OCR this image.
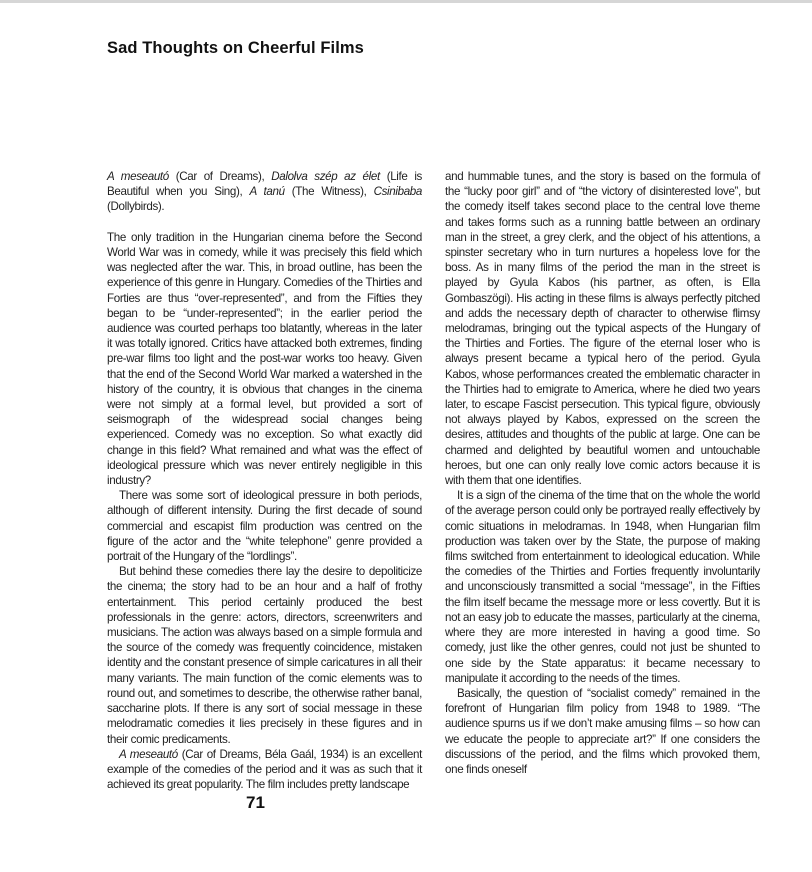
Sad Thoughts on Cheerful Films

A meseautó (Car of Dreams), Dalolva szép az élet (Life is Beautiful when you Sing), A tanú (The Witness), Csinibaba (Dollybirds).

The only tradition in the Hungarian cinema before the Second World War was in comedy, while it was precisely this field which was neglected after the war. This, in broad outline, has been the experience of this genre in Hungary. Comedies of the Thirties and Forties are thus “over-represented”, and from the Fifties they began to be “under-represented”; in the earlier period the audience was courted perhaps too blatantly, whereas in the later it was totally ignored. Critics have attacked both extremes, finding pre-war films too light and the post-war works too heavy. Given that the end of the Second World War marked a watershed in the history of the country, it is obvious that changes in the cinema were not simply at a formal level, but provided a sort of seismograph of the widespread social changes being experienced. Comedy was no exception. So what exactly did change in this field? What remained and what was the effect of ideological pressure which was never entirely negligible in this industry?

There was some sort of ideological pressure in both periods, although of different intensity. During the first decade of sound commercial and escapist film production was centred on the figure of the actor and the “white telephone” genre provided a portrait of the Hungary of the “lordlings”.

But behind these comedies there lay the desire to depoliticize the cinema; the story had to be an hour and a half of frothy entertainment. This period certainly produced the best professionals in the genre: actors, directors, screenwriters and musicians. The action was always based on a simple formula and the source of the comedy was frequently coincidence, mistaken identity and the constant presence of simple caricatures in all their many variants. The main function of the comic elements was to round out, and sometimes to describe, the otherwise rather banal, saccharine plots. If there is any sort of social message in these melodramatic comedies it lies precisely in these figures and in their comic predicaments.

A meseautó (Car of Dreams, Béla Gaál, 1934) is an excellent example of the comedies of the period and it was as such that it achieved its great popularity. The film includes pretty landscape

and hummable tunes, and the story is based on the formula of the “lucky poor girl” and of “the victory of disinterested love”, but the comedy itself takes second place to the central love theme and takes forms such as a running battle between an ordinary man in the street, a grey clerk, and the object of his attentions, a spinster secretary who in turn nurtures a hopeless love for the boss. As in many films of the period the man in the street is played by Gyula Kabos (his partner, as often, is Ella Gombaszögi). His acting in these films is always perfectly pitched and adds the necessary depth of character to otherwise flimsy melodramas, bringing out the typical aspects of the Hungary of the Thirties and Forties. The figure of the eternal loser who is always present became a typical hero of the period. Gyula Kabos, whose performances created the emblematic character in the Thirties had to emigrate to America, where he died two years later, to escape Fascist persecution. This typical figure, obviously not always played by Kabos, expressed on the screen the desires, attitudes and thoughts of the public at large. One can be charmed and delighted by beautiful women and untouchable heroes, but one can only really love comic actors because it is with them that one identifies.

It is a sign of the cinema of the time that on the whole the world of the average person could only be portrayed really effectively by comic situations in melodramas. In 1948, when Hungarian film production was taken over by the State, the purpose of making films switched from entertainment to ideological education. While the comedies of the Thirties and Forties frequently involuntarily and unconsciously transmitted a social “message”, in the Fifties the film itself became the message more or less covertly. But it is not an easy job to educate the masses, particularly at the cinema, where they are more interested in having a good time. So comedy, just like the other genres, could not just be shunted to one side by the State apparatus: it became necessary to manipulate it according to the needs of the times.

Basically, the question of “socialist comedy” remained in the forefront of Hungarian film policy from 1948 to 1989. “The audience spurns us if we don’t make amusing films – so how can we educate the people to appreciate art?” If one considers the discussions of the period, and the films which provoked them, one finds oneself

71
